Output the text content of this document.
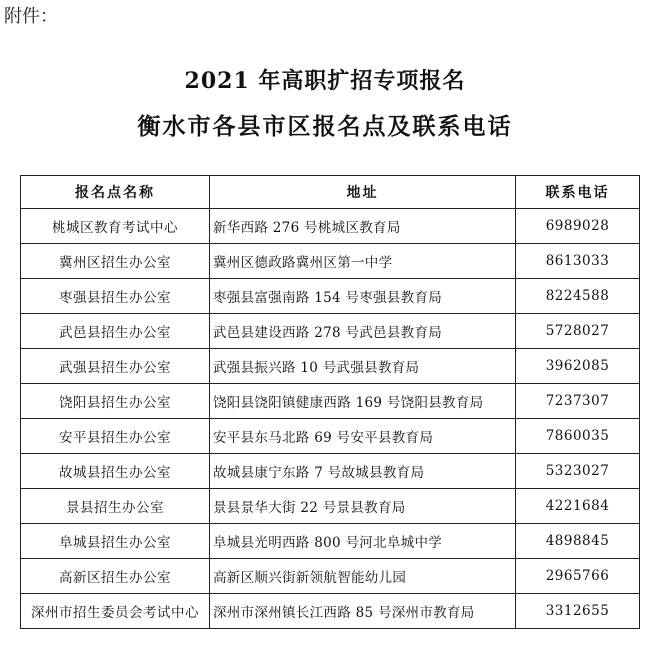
附件：
2021 年高职扩招专项报名
衡水市各县市区报名点及联系电话
报名点名称	地址	联系电话
桃城区教育考试中心	新华西路 276 号桃城区教育局	6989028
冀州区招生办公室	冀州区德政路冀州区第一中学	8613033
枣强县招生办公室	枣强县富强南路 154 号枣强县教育局	8224588
武邑县招生办公室	武邑县建设西路 278 号武邑县教育局	5728027
武强县招生办公室	武强县振兴路 10 号武强县教育局	3962085
饶阳县招生办公室	饶阳县饶阳镇健康西路 169 号饶阳县教育局	7237307
安平县招生办公室	安平县东马北路 69 号安平县教育局	7860035
故城县招生办公室	故城县康宁东路 7 号故城县教育局	5323027
景县招生办公室	景县景华大街 22 号景县教育局	4221684
阜城县招生办公室	阜城县光明西路 800 号河北阜城中学	4898845
高新区招生办公室	高新区顺兴街新领航智能幼儿园	2965766
深州市招生委员会考试中心	深州市深州镇长江西路 85 号深州市教育局	3312655
